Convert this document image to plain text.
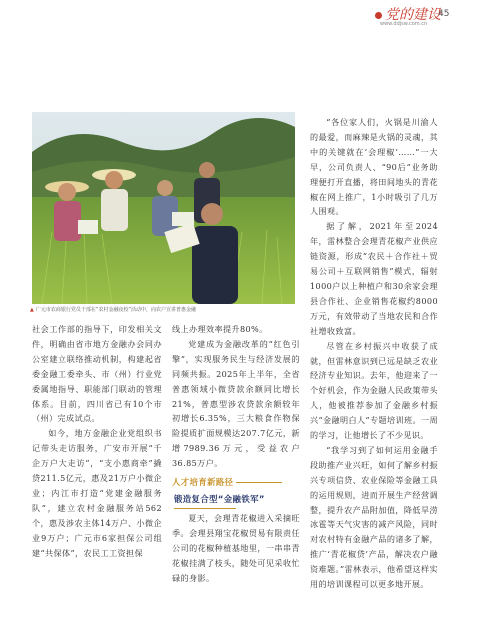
党的建设
www.ddjsw.com.cn
45
▲ 广元市农商银行党员干部在“农村金融夜校”活动中，向农户宣讲普惠金融

社会工作部的指导下，印发相关文件，明确由省市地方金融办会同办公室建立联络推动机制，构建起省委金融工委牵头、市（州）行业党委属地指导、职能部门联动的管理体系。目前，四川省已有10个市（州）完成试点。

如今，地方金融企业党组织书记带头走访服务，广安市开展“千企万户大走访”，“支小惠商牵”撬贷211.5亿元，惠及21万户小微企业；内江市打造“党建金融服务队”，建立农村金融服务站562个，惠及涉农主体14万户、小微企业9万户；广元市6家担保公司组建“共保体”，农民工工资担保

线上办理效率提升80%。

党建成为金融改革的“红色引擎”，实现服务民生与经济发展的同频共振。2025年上半年，全省普惠领域小微贷款余额同比增长21%，普惠型涉农贷款余额较年初增长6.35%，三大粮食作物保险提质扩面规模达207.7亿元，新增7989.36万元，受益农户36.85万户。

人才培育新路径
锻造复合型“金融铁军”

夏天，会理青花椒进入采摘旺季。会理县翔宝花椒贸易有限责任公司的花椒种植基地里，一串串青花椒挂满了枝头，随处可见采收忙碌的身影。

“各位家人们，火锅是川渝人的最爱，而麻辣是火锅的灵魂，其中的关键就在‘会理椒’……”一大早，公司负责人、“90后”业务助理便打开直播，将田间地头的青花椒在网上推广，1小时吸引了几万人围观。

据了解，2021年至2024年，雷林整合会理青花椒产业供应链资源，形成“农民＋合作社＋贸易公司＋互联网销售”模式，辐射1000户以上种植户和30余家会理县合作社、企业销售花椒约8000万元，有效带动了当地农民和合作社增收致富。

尽管在乡村振兴中收获了成就，但雷林意识到已远是缺乏农业经济专业知识。去年，他迎来了一个好机会，作为金融人民政策带头人，他被推荐参加了金融乡村振兴“金融明白人”专题培训班。一周的学习，让他增长了不少见识。

“我学习到了如何运用金融手段助推产业兴旺，如何了解乡村振兴专项信贷、农业保险等金融工具的运用规则，进而开展生产经营调整，提升农产品附加值，降低旱涝冰雹等天气灾害的减产风险，同时对农村特有金融产品的诸多了解，推广‘青花椒贷’产品，解决农户融资难题。”雷林表示，他希望这样实用的培训课程可以更多地开展。
